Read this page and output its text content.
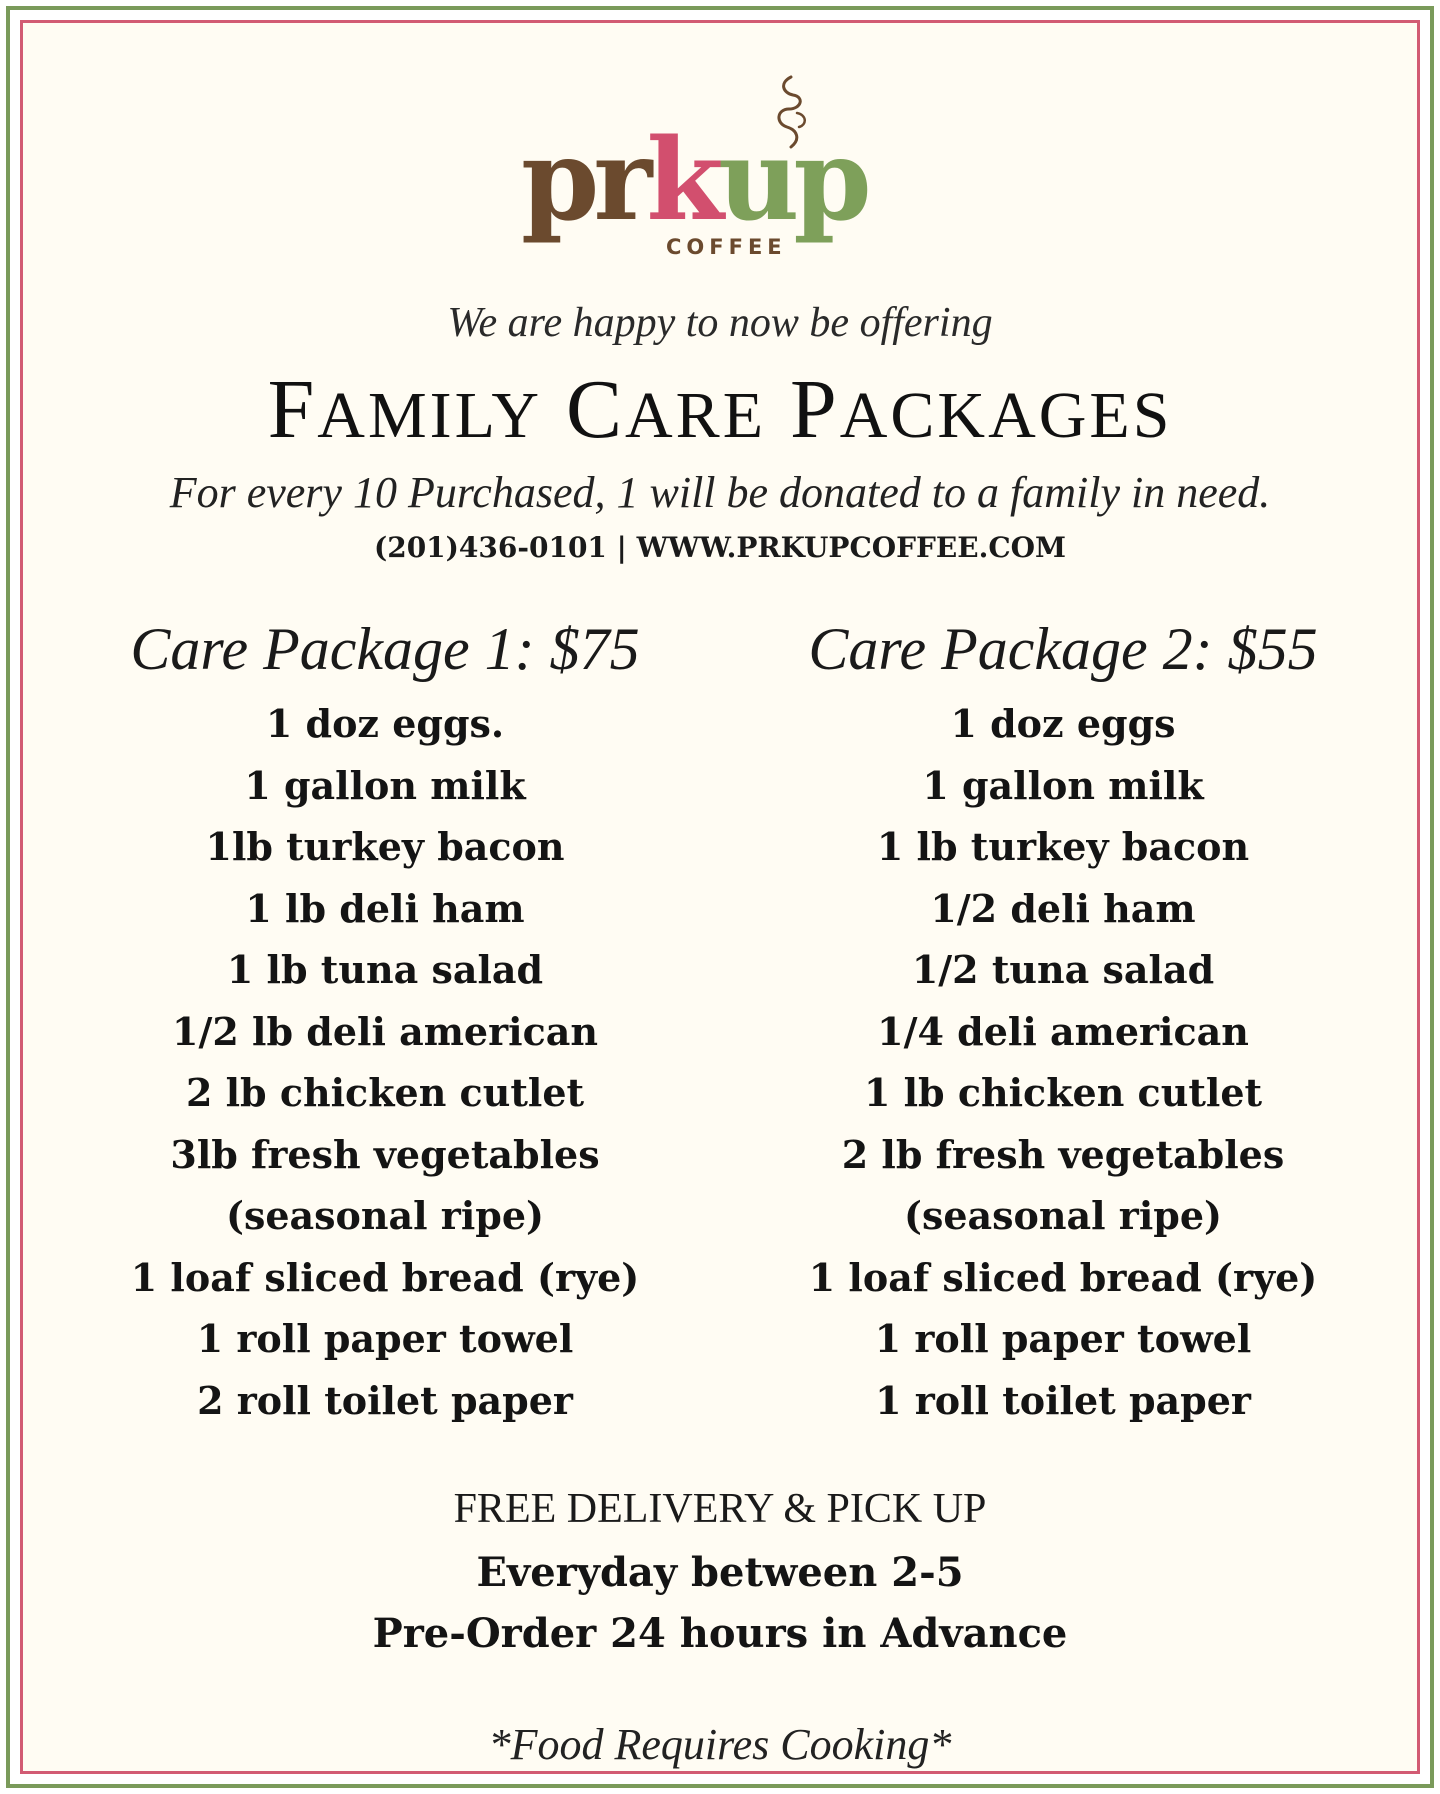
prkup
COFFEE
We are happy to now be offering
FAMILY CARE PACKAGES
For every 10 Purchased, 1 will be donated to a family in need.
(201)436-0101 | WWW.PRKUPCOFFEE.COM
Care Package 1: $75
1 doz eggs.
1 gallon milk
1lb turkey bacon
1 lb deli ham
1 lb tuna salad
1/2 lb deli american
2 lb chicken cutlet
3lb fresh vegetables
(seasonal ripe)
1 loaf sliced bread (rye)
1 roll paper towel
2 roll toilet paper
Care Package 2: $55
1 doz eggs
1 gallon milk
1 lb turkey bacon
1/2 deli ham
1/2 tuna salad
1/4 deli american
1 lb chicken cutlet
2 lb fresh vegetables
(seasonal ripe)
1 loaf sliced bread (rye)
1 roll paper towel
1 roll toilet paper
FREE DELIVERY & PICK UP
Everyday between 2-5
Pre-Order 24 hours in Advance
*Food Requires Cooking*
